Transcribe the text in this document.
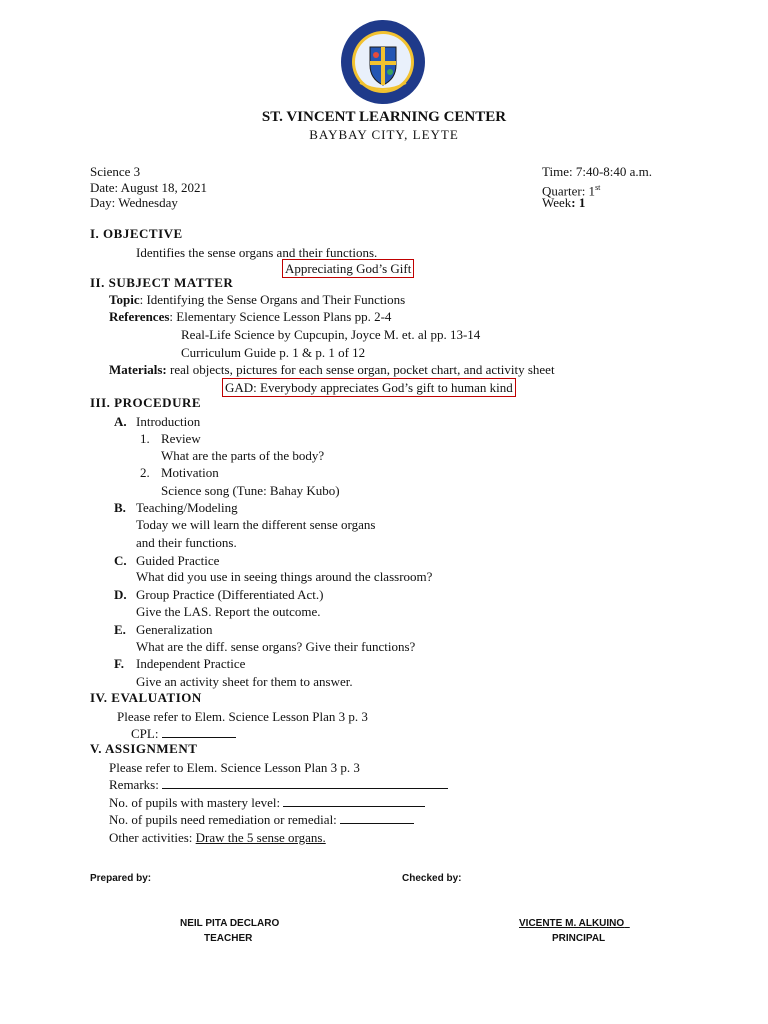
ST. VINCENT LEARNING CENTER
BAYBAY CITY, LEYTE
Science 3
Date: August 18, 2021
Day: Wednesday
Time: 7:40-8:40 a.m.
Quarter: 1st
Week: 1
I. OBJECTIVE
Identifies the sense organs and their functions.
Appreciating God’s Gift
II. SUBJECT MATTER
Topic: Identifying the Sense Organs and Their Functions
References: Elementary Science Lesson Plans pp. 2-4
Real-Life Science by Cupcupin, Joyce M. et. al pp. 13-14
Curriculum Guide p. 1 & p. 1 of 12
Materials: real objects, pictures for each sense organ, pocket chart, and activity sheet
GAD: Everybody appreciates God’s gift to human kind
III. PROCEDURE
A. Introduction
1. Review
What are the parts of the body?
2. Motivation
Science song (Tune: Bahay Kubo)
B. Teaching/Modeling
Today we will learn the different sense organs
and their functions.
C. Guided Practice
What did you use in seeing things around the classroom?
D. Group Practice (Differentiated Act.)
Give the LAS. Report the outcome.
E. Generalization
What are the diff. sense organs? Give their functions?
F. Independent Practice
Give an activity sheet for them to answer.
IV. EVALUATION
Please refer to Elem. Science Lesson Plan 3 p. 3
CPL:
V. ASSIGNMENT
Please refer to Elem. Science Lesson Plan 3 p. 3
Remarks:
No. of pupils with mastery level:
No. of pupils need remediation or remedial:
Other activities: Draw the 5 sense organs.
Prepared by:	Checked by:
NEIL PITA DECLARO
TEACHER
VICENTE M. ALKUINO
PRINCIPAL
